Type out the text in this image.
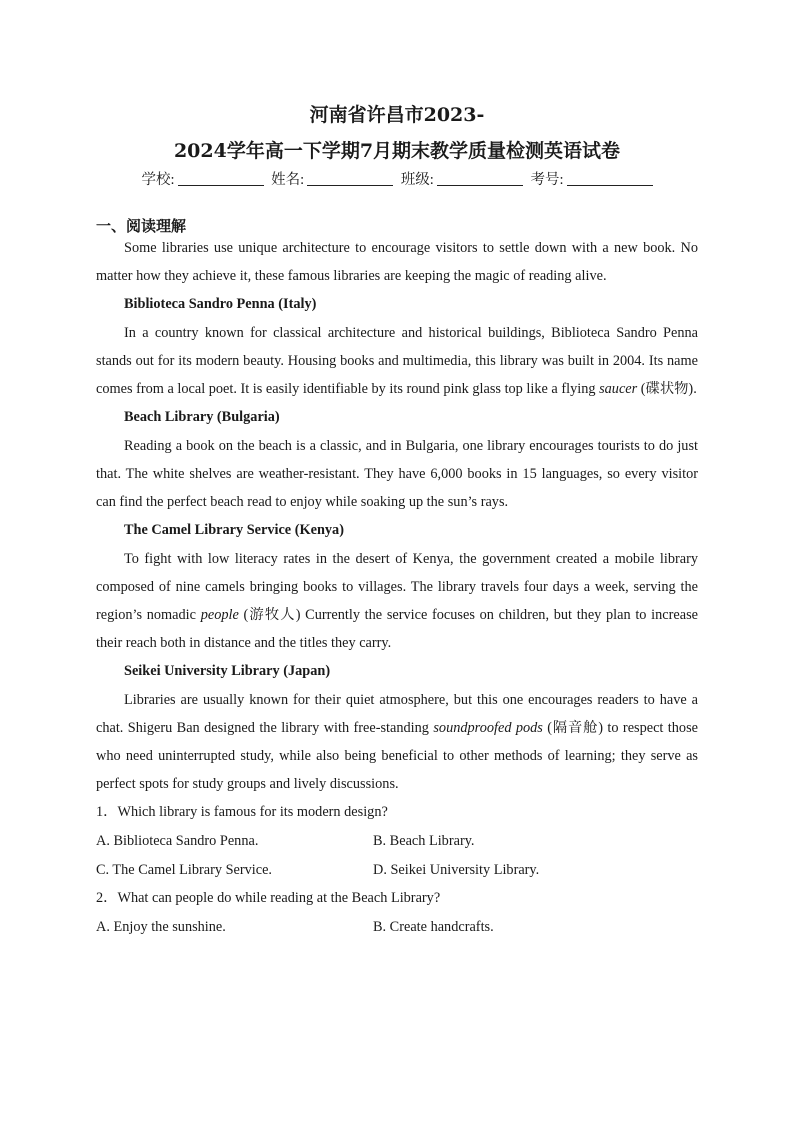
河南省许昌市2023-
2024学年高一下学期7月期末教学质量检测英语试卷
学校:	姓名:	班级:	考号:
一、阅读理解

Some libraries use unique architecture to encourage visitors to settle down with a new book. No matter how they achieve it, these famous libraries are keeping the magic of reading alive.

Biblioteca Sandro Penna (Italy)

In a country known for classical architecture and historical buildings, Biblioteca Sandro Penna stands out for its modern beauty. Housing books and multimedia, this library was built in 2004. Its name comes from a local poet. It is easily identifiable by its round pink glass top like a flying saucer (碟状物).

Beach Library (Bulgaria)

Reading a book on the beach is a classic, and in Bulgaria, one library encourages tourists to do just that. The white shelves are weather-resistant. They have 6,000 books in 15 languages, so every visitor can find the perfect beach read to enjoy while soaking up the sun’s rays.

The Camel Library Service (Kenya)

To fight with low literacy rates in the desert of Kenya, the government created a mobile library composed of nine camels bringing books to villages. The library travels four days a week, serving the region’s nomadic people (游牧人) Currently the service focuses on children, but they plan to increase their reach both in distance and the titles they carry.

Seikei University Library (Japan)

Libraries are usually known for their quiet atmosphere, but this one encourages readers to have a chat. Shigeru Ban designed the library with free-standing soundproofed pods (隔音舱) to respect those who need uninterrupted study, while also being beneficial to other methods of learning; they serve as perfect spots for study groups and lively discussions.

1．Which library is famous for its modern design?

A. Biblioteca Sandro Penna.	B. Beach Library.
C. The Camel Library Service.	D. Seikei University Library.

2．What can people do while reading at the Beach Library?

A. Enjoy the sunshine.	B. Create handcrafts.
